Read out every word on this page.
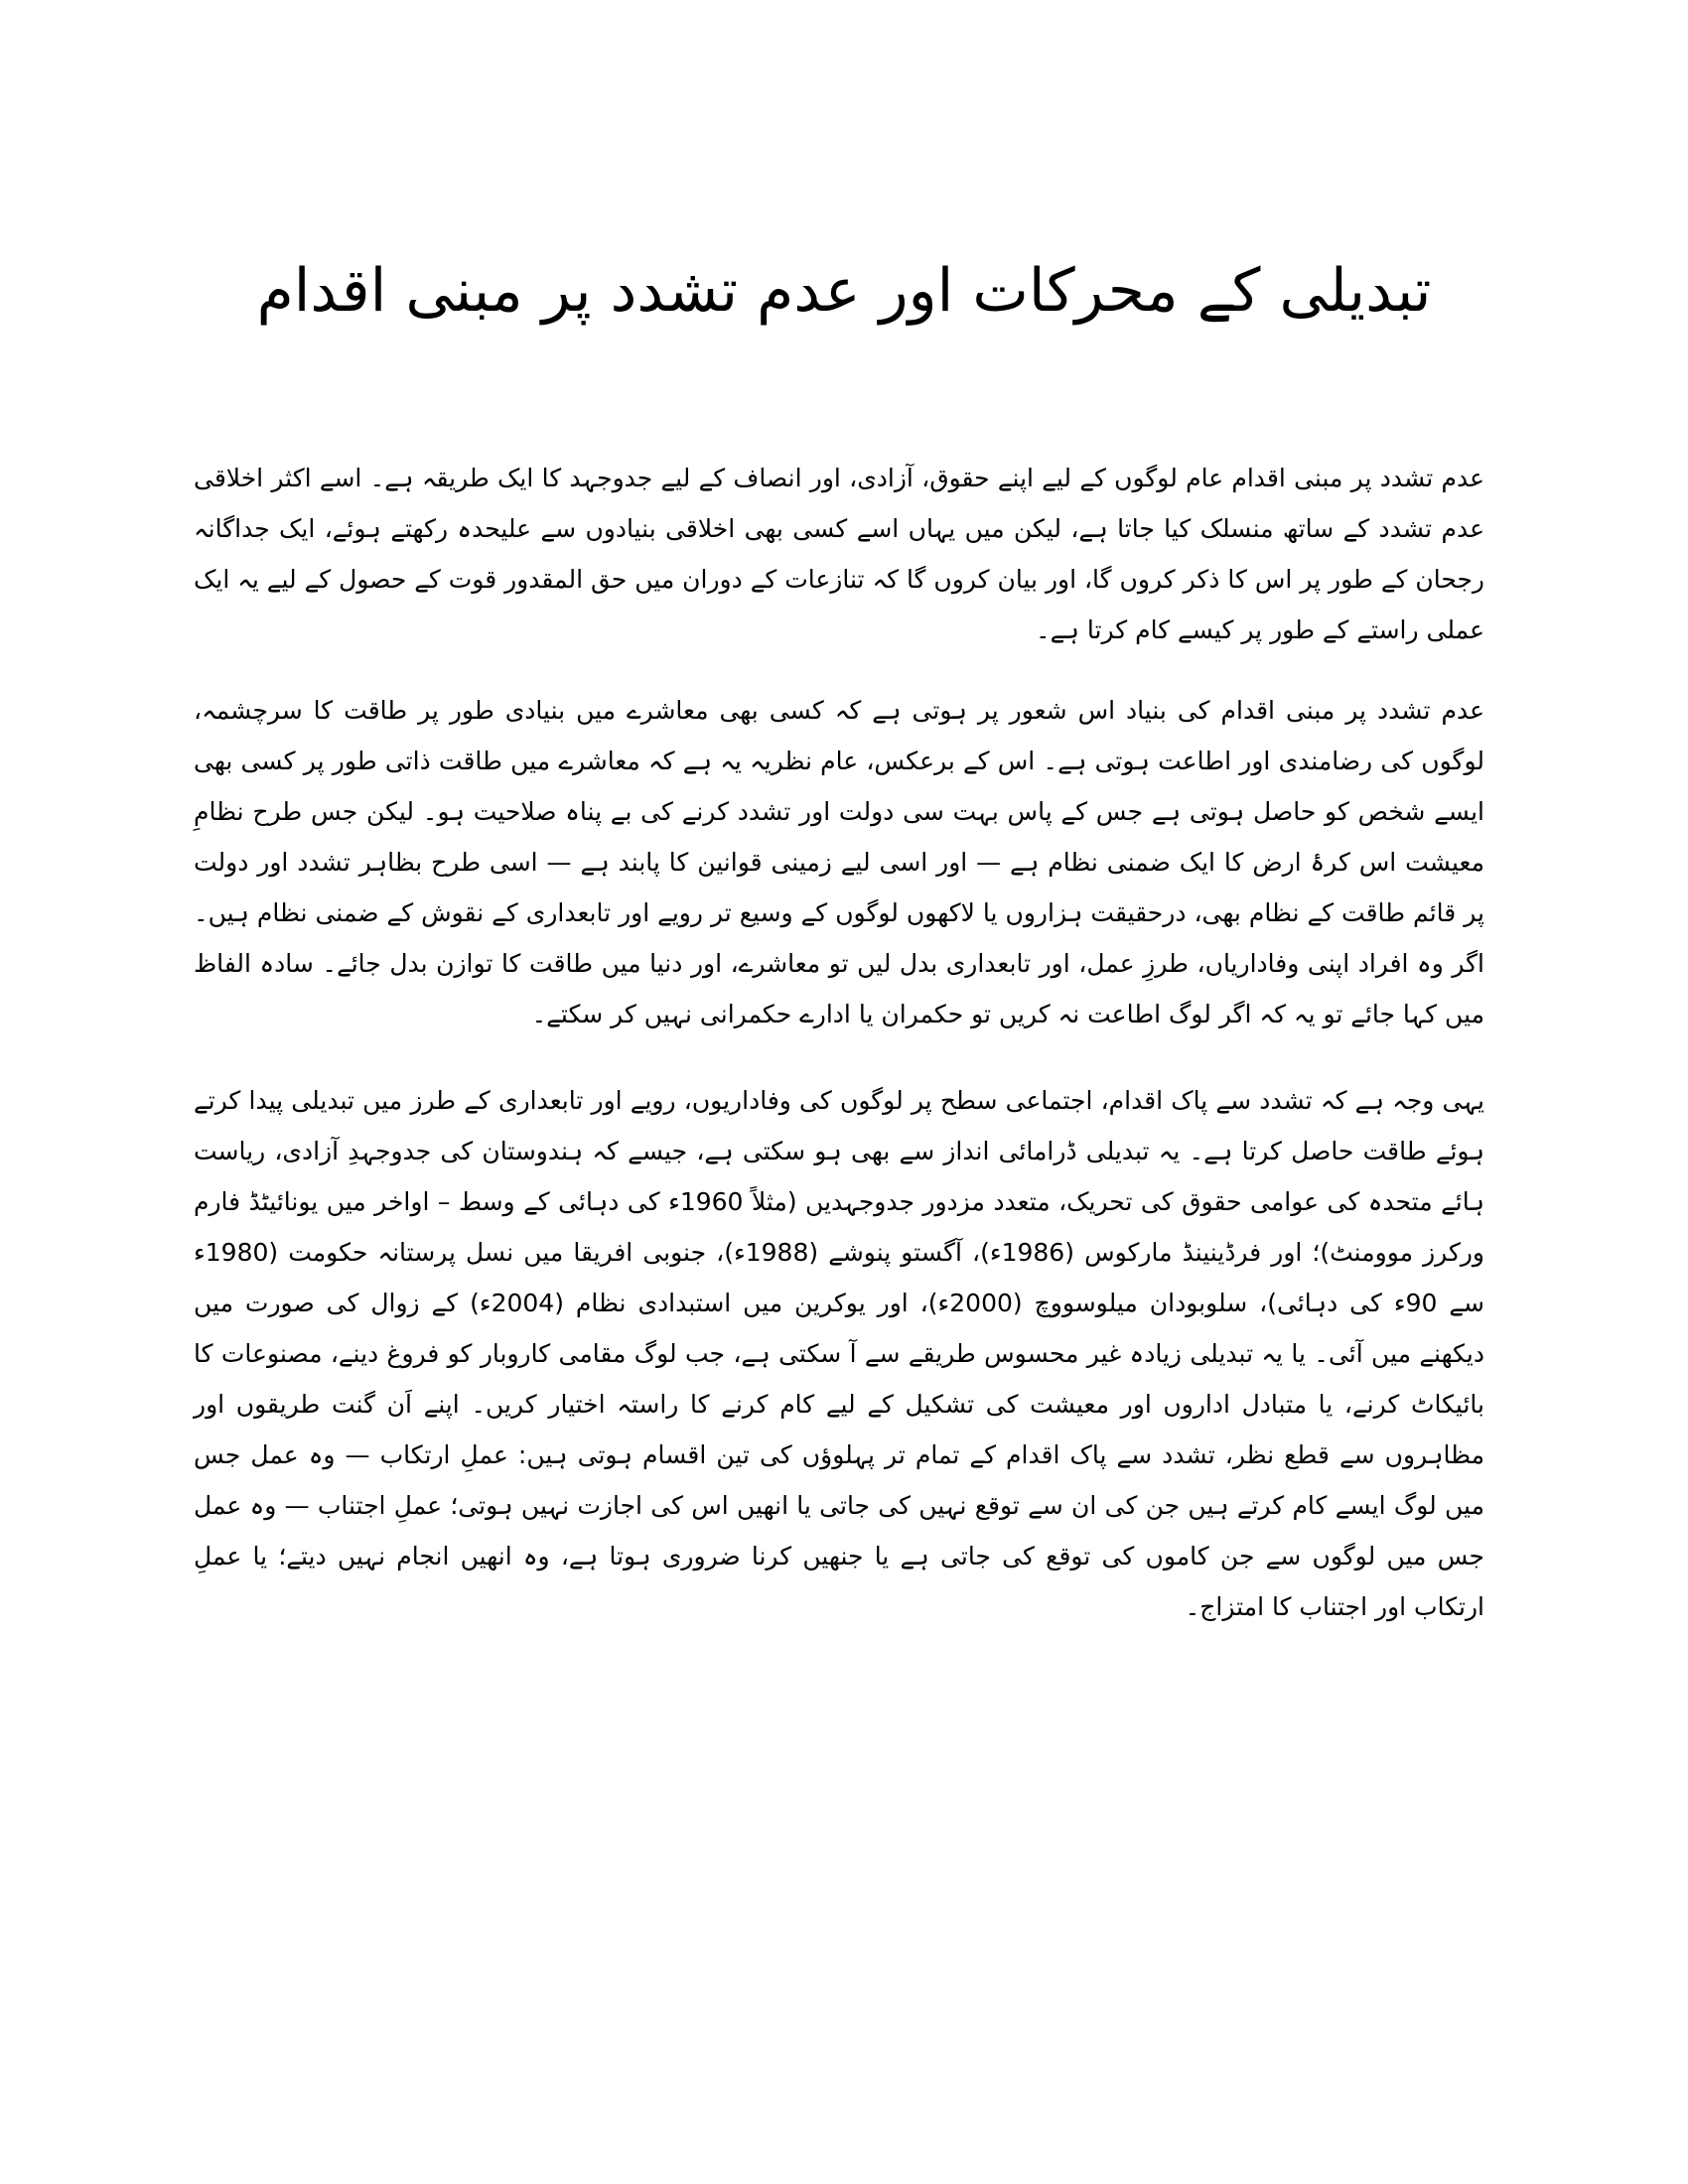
تبدیلی کے محرکات اور عدم تشدد پر مبنی اقدام

عدم تشدد پر مبنی اقدام عام لوگوں کے لیے اپنے حقوق، آزادی، اور انصاف کے لیے جدوجہد کا ایک طریقہ ہے۔ اسے اکثر اخلاقی عدم تشدد کے ساتھ منسلک کیا جاتا ہے، لیکن میں یہاں اسے کسی بھی اخلاقی بنیادوں سے علیحدہ رکھتے ہوئے، ایک جداگانہ رجحان کے طور پر اس کا ذکر کروں گا، اور بیان کروں گا کہ تنازعات کے دوران میں حق المقدور قوت کے حصول کے لیے یہ ایک عملی راستے کے طور پر کیسے کام کرتا ہے۔

عدم تشدد پر مبنی اقدام کی بنیاد اس شعور پر ہوتی ہے کہ کسی بھی معاشرے میں بنیادی طور پر طاقت کا سرچشمہ، لوگوں کی رضامندی اور اطاعت ہوتی ہے۔ اس کے برعکس، عام نظریہ یہ ہے کہ معاشرے میں طاقت ذاتی طور پر کسی بھی ایسے شخص کو حاصل ہوتی ہے جس کے پاس بہت سی دولت اور تشدد کرنے کی بے پناہ صلاحیت ہو۔ لیکن جس طرح نظامِ معیشت اس کرۂ ارض کا ایک ضمنی نظام ہے — اور اسی لیے زمینی قوانین کا پابند ہے — اسی طرح بظاہر تشدد اور دولت پر قائم طاقت کے نظام بھی، درحقیقت ہزاروں یا لاکھوں لوگوں کے وسیع تر رویے اور تابعداری کے نقوش کے ضمنی نظام ہیں۔ اگر وہ افراد اپنی وفاداریاں، طرزِ عمل، اور تابعداری بدل لیں تو معاشرے، اور دنیا میں طاقت کا توازن بدل جائے۔ سادہ الفاظ میں کہا جائے تو یہ کہ اگر لوگ اطاعت نہ کریں تو حکمران یا ادارے حکمرانی نہیں کر سکتے۔

یہی وجہ ہے کہ تشدد سے پاک اقدام، اجتماعی سطح پر لوگوں کی وفاداریوں، رویے اور تابعداری کے طرز میں تبدیلی پیدا کرتے ہوئے طاقت حاصل کرتا ہے۔ یہ تبدیلی ڈرامائی انداز سے بھی ہو سکتی ہے، جیسے کہ ہندوستان کی جدوجہدِ آزادی، ریاست ہائے متحدہ کی عوامی حقوق کی تحریک، متعدد مزدور جدوجہدیں (مثلاً 1960ء کی دہائی کے وسط – اواخر میں یونائیٹڈ فارم ورکرز موومنٹ)؛ اور فرڈینینڈ مارکوس (1986ء)، آگستو پنوشے (1988ء)، جنوبی افریقا میں نسل پرستانہ حکومت (1980ء سے 90ء کی دہائی)، سلوبودان میلوسووچ (2000ء)، اور یوکرین میں استبدادی نظام (2004ء) کے زوال کی صورت میں دیکھنے میں آئی۔ یا یہ تبدیلی زیادہ غیر محسوس طریقے سے آ سکتی ہے، جب لوگ مقامی کاروبار کو فروغ دینے، مصنوعات کا بائیکاٹ کرنے، یا متبادل اداروں اور معیشت کی تشکیل کے لیے کام کرنے کا راستہ اختیار کریں۔ اپنے اَن گنت طریقوں اور مظاہروں سے قطع نظر، تشدد سے پاک اقدام کے تمام تر پہلوؤں کی تین اقسام ہوتی ہیں: عملِ ارتکاب — وہ عمل جس میں لوگ ایسے کام کرتے ہیں جن کی ان سے توقع نہیں کی جاتی یا انھیں اس کی اجازت نہیں ہوتی؛ عملِ اجتناب — وہ عمل جس میں لوگوں سے جن کاموں کی توقع کی جاتی ہے یا جنھیں کرنا ضروری ہوتا ہے، وہ انھیں انجام نہیں دیتے؛ یا عملِ ارتکاب اور اجتناب کا امتزاج۔
